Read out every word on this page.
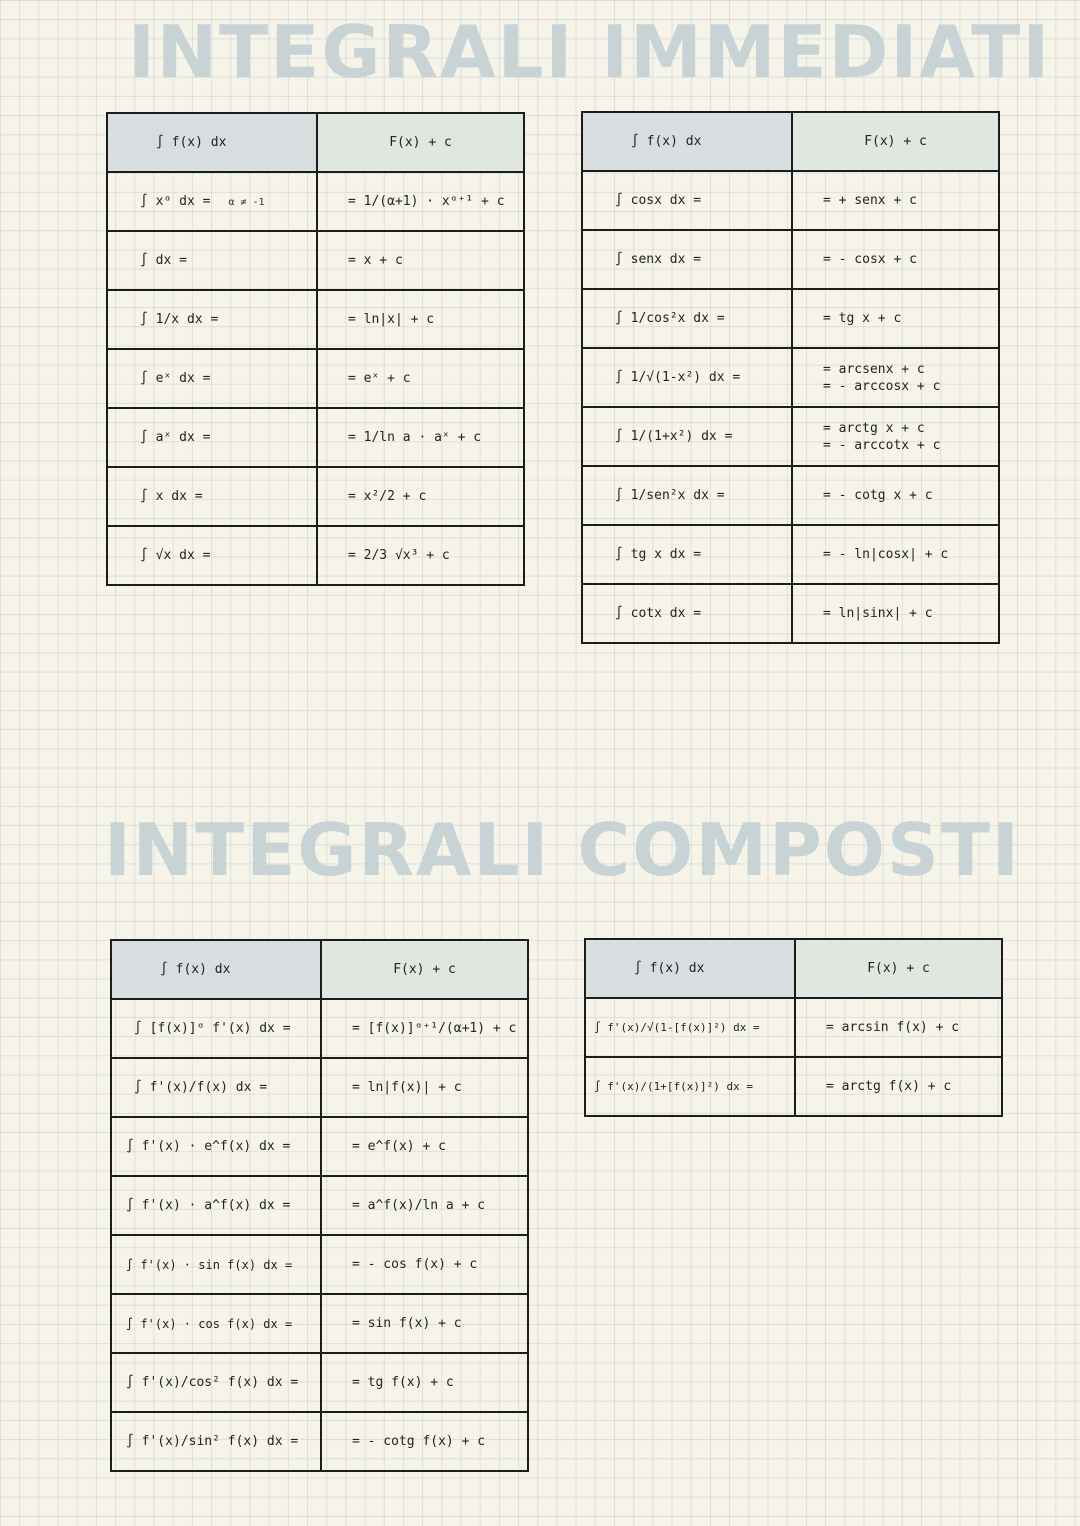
INTEGRALI IMMEDIATI
INTEGRALI COMPOSTI
∫ f(x) dx	F(x) + c
∫ xᵅ dx = α ≠ -1	= 1/(α+1) · xᵅ⁺¹ + c
∫ dx =	= x + c
∫ 1/x dx =	= ln|x| + c
∫ eˣ dx =	= eˣ + c
∫ aˣ dx =	= 1/ln a · aˣ + c
∫ x dx =	= x²/2 + c
∫ √x dx =	= 2/3 √x³ + c
∫ f(x) dx	F(x) + c
∫ cosx dx =	= + senx + c
∫ senx dx =	= - cosx + c
∫ 1/cos²x dx =	= tg x + c
∫ 1/√(1-x²) dx =	= arcsenx + c
= - arccosx + c

∫ 1/(1+x²) dx =	= arctg x + c
= - arccotx + c

∫ 1/sen²x dx =	= - cotg x + c
∫ tg x dx =	= - ln|cosx| + c
∫ cotx dx =	= ln|sinx| + c
∫ f(x) dx	F(x) + c
∫ [f(x)]ᵅ f'(x) dx =	= [f(x)]ᵅ⁺¹/(α+1) + c
∫ f'(x)/f(x) dx =	= ln|f(x)| + c
∫ f'(x) · e^f(x) dx =	= e^f(x) + c
∫ f'(x) · a^f(x) dx =	= a^f(x)/ln a + c
∫ f'(x) · sin f(x) dx =	= - cos f(x) + c
∫ f'(x) · cos f(x) dx =	= sin f(x) + c
∫ f'(x)/cos² f(x) dx =	= tg f(x) + c
∫ f'(x)/sin² f(x) dx =	= - cotg f(x) + c
∫ f(x) dx	F(x) + c
∫ f'(x)/√(1-[f(x)]²) dx =	= arcsin f(x) + c
∫ f'(x)/(1+[f(x)]²) dx =	= arctg f(x) + c
